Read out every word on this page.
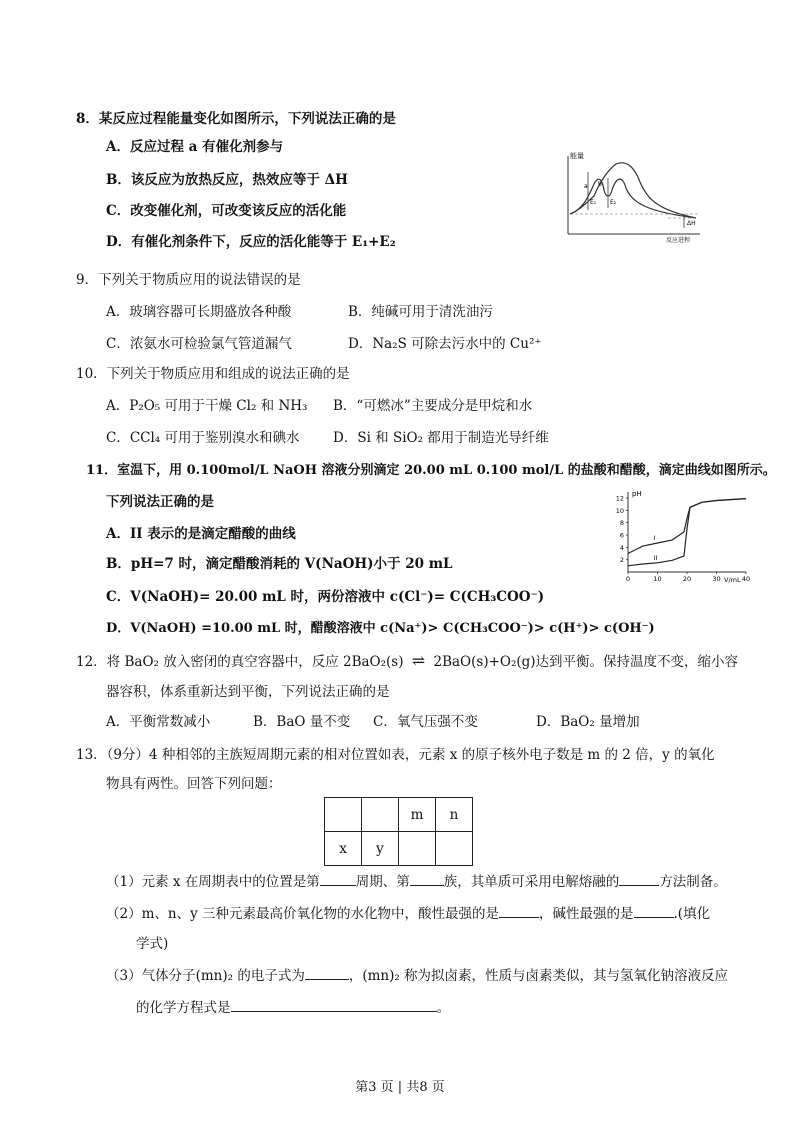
8．某反应过程能量变化如图所示，下列说法正确的是
A．反应过程 a 有催化剂参与
B．该反应为放热反应，热效应等于 ΔH
C．改变催化剂，可改变该反应的活化能
D．有催化剂条件下，反应的活化能等于 E₁+E₂
能量
反应进程
a b
E₁ E₂
ΔH
9．下列关于物质应用的说法错误的是
A．玻璃容器可长期盛放各种酸	B．纯碱可用于清洗油污
C．浓氨水可检验氯气管道漏气	D．Na₂S 可除去污水中的 Cu²⁺
10．下列关于物质应用和组成的说法正确的是
A．P₂O₅ 可用于干燥 Cl₂ 和 NH₃ B．“可燃冰”主要成分是甲烷和水
C．CCl₄ 可用于鉴别溴水和碘水 D．Si 和 SiO₂ 都用于制造光导纤维
11．室温下，用 0.100mol/L NaOH 溶液分别滴定 20.00 mL 0.100 mol/L 的盐酸和醋酸，滴定曲线如图所示。
下列说法正确的是
A．II 表示的是滴定醋酸的曲线
B．pH=7 时，滴定醋酸消耗的 V(NaOH)小于 20 mL
C．V(NaOH)= 20.00 mL 时，两份溶液中 c(Cl⁻)= C(CH₃COO⁻)
D．V(NaOH) =10.00 mL 时，醋酸溶液中 c(Na⁺)> C(CH₃COO⁻)> c(H⁺)> c(OH⁻)
2
4
6
8
10
12
0	10	20	30	40
I
II
pH
V/mL
12．将 BaO₂ 放入密闭的真空容器中，反应 2BaO₂(s) ⇌ 2BaO(s)+O₂(g)达到平衡。保持温度不变，缩小容
器容积，体系重新达到平衡，下列说法正确的是
A．平衡常数减小	B．BaO 量不变 C．氧气压强不变	D．BaO₂ 量增加
13．（9分）4 种相邻的主族短周期元素的相对位置如表，元素 x 的原子核外电子数是 m 的 2 倍，y 的氧化
物具有两性。回答下列问题：
		m	n
x	y		
（1）元素 x 在周期表中的位置是第	周期、第	族，其单质可采用电解熔融的	方法制备。
（2）m、n、y 三种元素最高价氧化物的水化物中，酸性最强的是	，碱性最强的是	.(填化
学式)
（3）气体分子(mn)₂ 的电子式为	，(mn)₂ 称为拟卤素，性质与卤素类似，其与氢氧化钠溶液反应
的化学方程式是	。
第3 页 | 共8 页
